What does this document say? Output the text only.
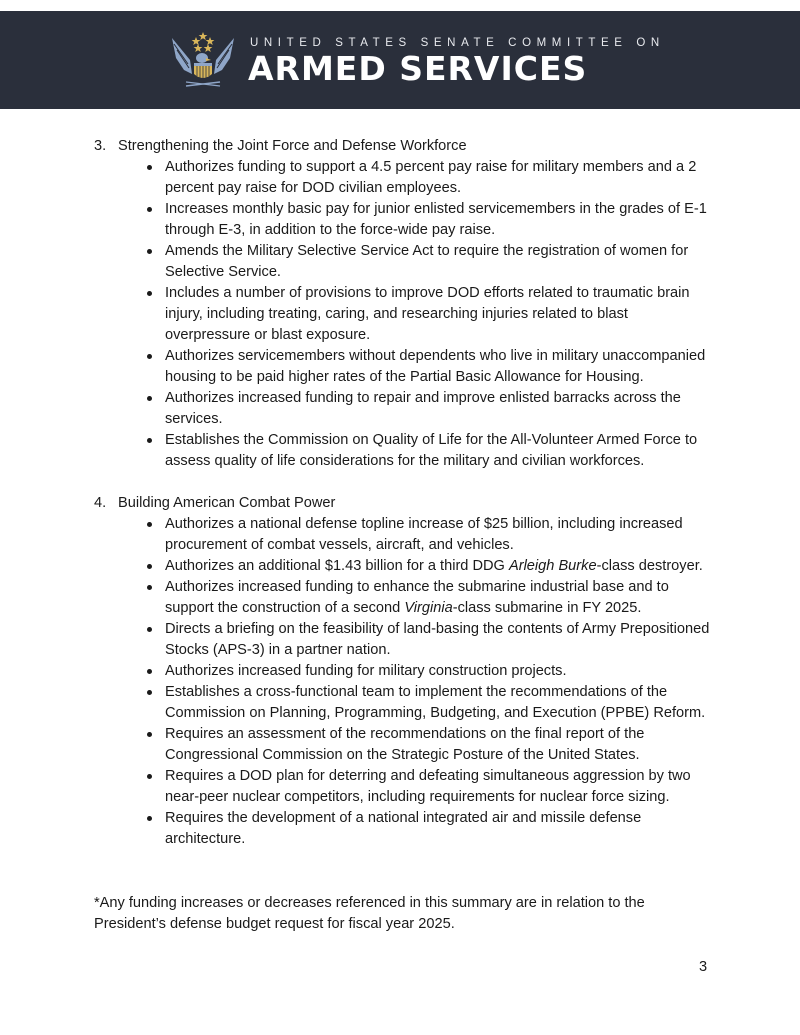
UNITED STATES SENATE COMMITTEE ON
ARMED SERVICES
3. Strengthening the Joint Force and Defense Workforce
Authorizes funding to support a 4.5 percent pay raise for military members and a 2 percent pay raise for DOD civilian employees.
Increases monthly basic pay for junior enlisted servicemembers in the grades of E-1 through E-3, in addition to the force-wide pay raise.
Amends the Military Selective Service Act to require the registration of women for Selective Service.
Includes a number of provisions to improve DOD efforts related to traumatic brain injury, including treating, caring, and researching injuries related to blast overpressure or blast exposure.
Authorizes servicemembers without dependents who live in military unaccompanied housing to be paid higher rates of the Partial Basic Allowance for Housing.
Authorizes increased funding to repair and improve enlisted barracks across the services.
Establishes the Commission on Quality of Life for the All-Volunteer Armed Force to assess quality of life considerations for the military and civilian workforces.
4. Building American Combat Power
Authorizes a national defense topline increase of $25 billion, including increased procurement of combat vessels, aircraft, and vehicles.
Authorizes an additional $1.43 billion for a third DDG Arleigh Burke-class destroyer.
Authorizes increased funding to enhance the submarine industrial base and to support the construction of a second Virginia-class submarine in FY 2025.
Directs a briefing on the feasibility of land-basing the contents of Army Prepositioned Stocks (APS-3) in a partner nation.
Authorizes increased funding for military construction projects.
Establishes a cross-functional team to implement the recommendations of the Commission on Planning, Programming, Budgeting, and Execution (PPBE) Reform.
Requires an assessment of the recommendations on the final report of the Congressional Commission on the Strategic Posture of the United States.
Requires a DOD plan for deterring and defeating simultaneous aggression by two near-peer nuclear competitors, including requirements for nuclear force sizing.
Requires the development of a national integrated air and missile defense architecture.
*Any funding increases or decreases referenced in this summary are in relation to the President’s defense budget request for fiscal year 2025.
3
